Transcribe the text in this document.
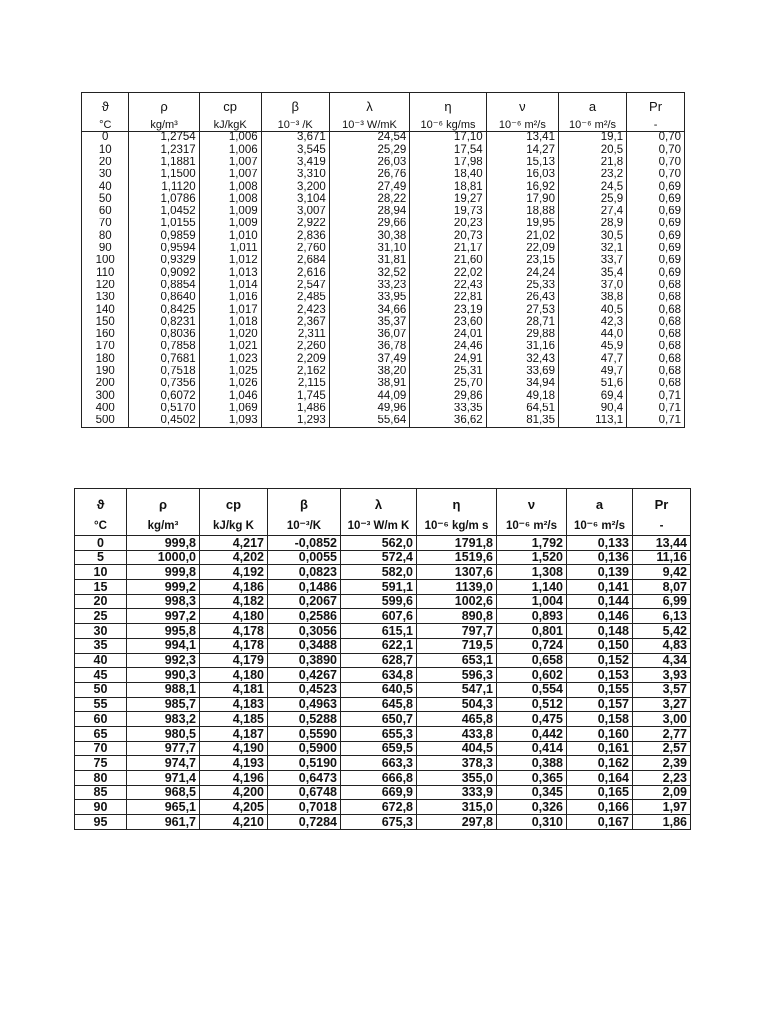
ϑ	ρ	cp	β	λ	η	ν	a	Pr
°C	kg/m³	kJ/kgK	10⁻³ /K	10⁻³ W/mK	10⁻⁶ kg/ms	10⁻⁶ m²/s	10⁻⁶ m²/s	-
0	1,2754	1,006	3,671	24,54	17,10	13,41	19,1	0,70
10	1,2317	1,006	3,545	25,29	17,54	14,27	20,5	0,70
20	1,1881	1,007	3,419	26,03	17,98	15,13	21,8	0,70
30	1,1500	1,007	3,310	26,76	18,40	16,03	23,2	0,70
40	1,1120	1,008	3,200	27,49	18,81	16,92	24,5	0,69
50	1,0786	1,008	3,104	28,22	19,27	17,90	25,9	0,69
60	1,0452	1,009	3,007	28,94	19,73	18,88	27,4	0,69
70	1,0155	1,009	2,922	29,66	20,23	19,95	28,9	0,69
80	0,9859	1,010	2,836	30,38	20,73	21,02	30,5	0,69
90	0,9594	1,011	2,760	31,10	21,17	22,09	32,1	0,69
100	0,9329	1,012	2,684	31,81	21,60	23,15	33,7	0,69
110	0,9092	1,013	2,616	32,52	22,02	24,24	35,4	0,69
120	0,8854	1,014	2,547	33,23	22,43	25,33	37,0	0,68
130	0,8640	1,016	2,485	33,95	22,81	26,43	38,8	0,68
140	0,8425	1,017	2,423	34,66	23,19	27,53	40,5	0,68
150	0,8231	1,018	2,367	35,37	23,60	28,71	42,3	0,68
160	0,8036	1,020	2,311	36,07	24,01	29,88	44,0	0,68
170	0,7858	1,021	2,260	36,78	24,46	31,16	45,9	0,68
180	0,7681	1,023	2,209	37,49	24,91	32,43	47,7	0,68
190	0,7518	1,025	2,162	38,20	25,31	33,69	49,7	0,68
200	0,7356	1,026	2,115	38,91	25,70	34,94	51,6	0,68
300	0,6072	1,046	1,745	44,09	29,86	49,18	69,4	0,71
400	0,5170	1,069	1,486	49,96	33,35	64,51	90,4	0,71
500	0,4502	1,093	1,293	55,64	36,62	81,35	113,1	0,71
ϑ	ρ	cp	β	λ	η	ν	a	Pr
°C	kg/m³	kJ/kg K	10⁻³/K	10⁻³ W/m K	10⁻⁶ kg/m s	10⁻⁶ m²/s	10⁻⁶ m²/s	-
0	999,8	4,217	-0,0852	562,0	1791,8	1,792	0,133	13,44
5	1000,0	4,202	0,0055	572,4	1519,6	1,520	0,136	11,16
10	999,8	4,192	0,0823	582,0	1307,6	1,308	0,139	9,42
15	999,2	4,186	0,1486	591,1	1139,0	1,140	0,141	8,07
20	998,3	4,182	0,2067	599,6	1002,6	1,004	0,144	6,99
25	997,2	4,180	0,2586	607,6	890,8	0,893	0,146	6,13
30	995,8	4,178	0,3056	615,1	797,7	0,801	0,148	5,42
35	994,1	4,178	0,3488	622,1	719,5	0,724	0,150	4,83
40	992,3	4,179	0,3890	628,7	653,1	0,658	0,152	4,34
45	990,3	4,180	0,4267	634,8	596,3	0,602	0,153	3,93
50	988,1	4,181	0,4523	640,5	547,1	0,554	0,155	3,57
55	985,7	4,183	0,4963	645,8	504,3	0,512	0,157	3,27
60	983,2	4,185	0,5288	650,7	465,8	0,475	0,158	3,00
65	980,5	4,187	0,5590	655,3	433,8	0,442	0,160	2,77
70	977,7	4,190	0,5900	659,5	404,5	0,414	0,161	2,57
75	974,7	4,193	0,5190	663,3	378,3	0,388	0,162	2,39
80	971,4	4,196	0,6473	666,8	355,0	0,365	0,164	2,23
85	968,5	4,200	0,6748	669,9	333,9	0,345	0,165	2,09
90	965,1	4,205	0,7018	672,8	315,0	0,326	0,166	1,97
95	961,7	4,210	0,7284	675,3	297,8	0,310	0,167	1,86
